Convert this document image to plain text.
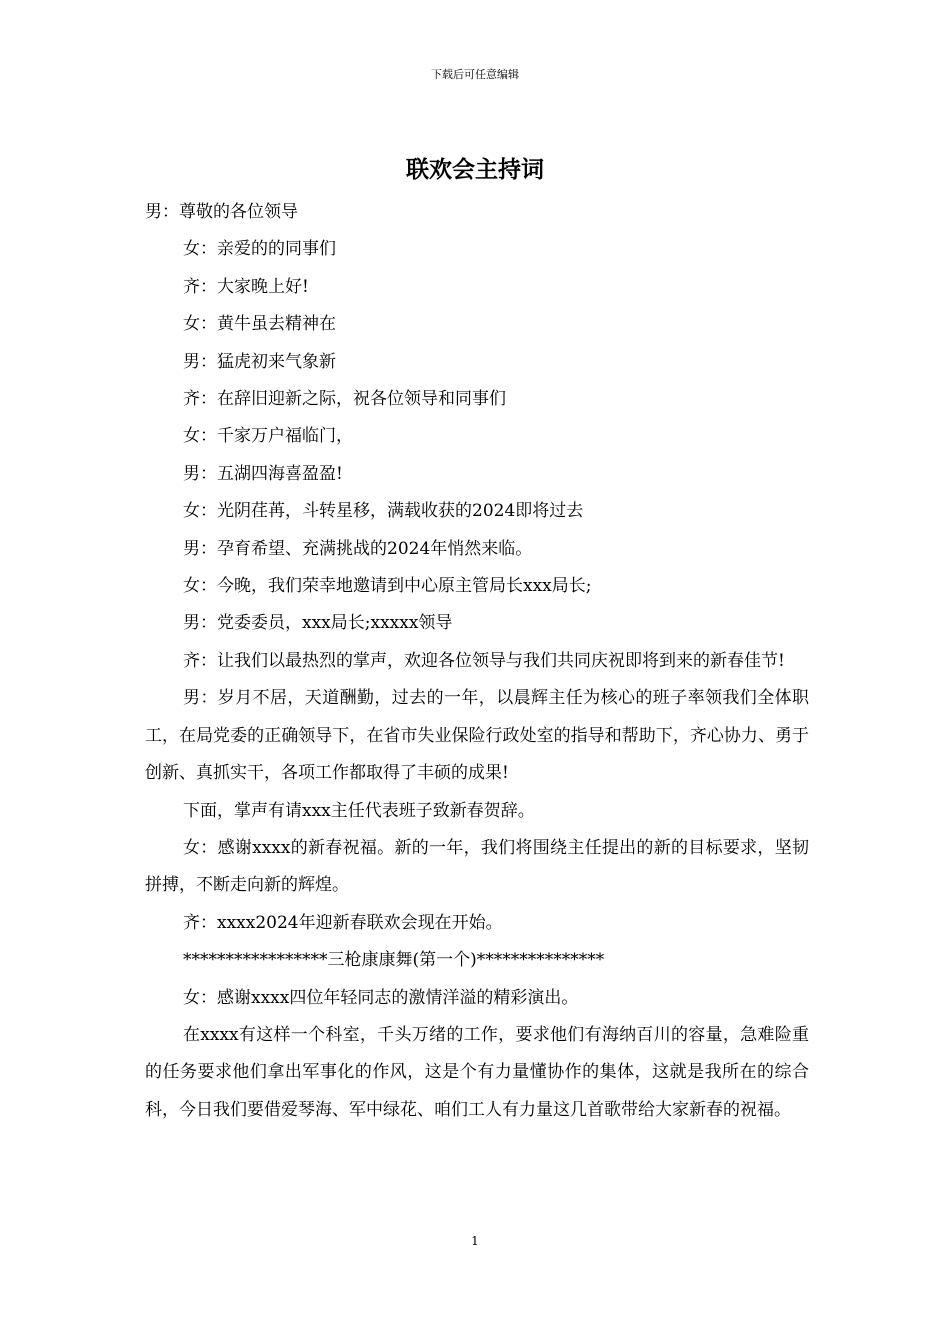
下载后可任意编辑
联欢会主持词

男：尊敬的各位领导

女：亲爱的的同事们

齐：大家晚上好!

女：黄牛虽去精神在

男：猛虎初来气象新

齐：在辞旧迎新之际，祝各位领导和同事们

女：千家万户福临门，

男：五湖四海喜盈盈!

女：光阴荏苒，斗转星移，满载收获的2024即将过去

男：孕育希望、充满挑战的2024年悄然来临。

女：今晚，我们荣幸地邀请到中心原主管局长xxx局长;

男：党委委员，xxx局长;xxxxx领导

齐：让我们以最热烈的掌声，欢迎各位领导与我们共同庆祝即将到来的新春佳节!

男：岁月不居，天道酬勤，过去的一年，以晨辉主任为核心的班子率领我们全体职工，在局党委的正确领导下，在省市失业保险行政处室的指导和帮助下，齐心协力、勇于创新、真抓实干，各项工作都取得了丰硕的成果!

下面，掌声有请xxx主任代表班子致新春贺辞。

女：感谢xxxx的新春祝福。新的一年，我们将围绕主任提出的新的目标要求，坚韧拼搏，不断走向新的辉煌。

齐：xxxx2024年迎新春联欢会现在开始。

*****************三枪康康舞(第一个)***************

女：感谢xxxx四位年轻同志的激情洋溢的精彩演出。

在xxxx有这样一个科室，千头万绪的工作，要求他们有海纳百川的容量，急难险重的任务要求他们拿出军事化的作风，这是个有力量懂协作的集体，这就是我所在的综合科，今日我们要借爱琴海、军中绿花、咱们工人有力量这几首歌带给大家新春的祝福。

1
